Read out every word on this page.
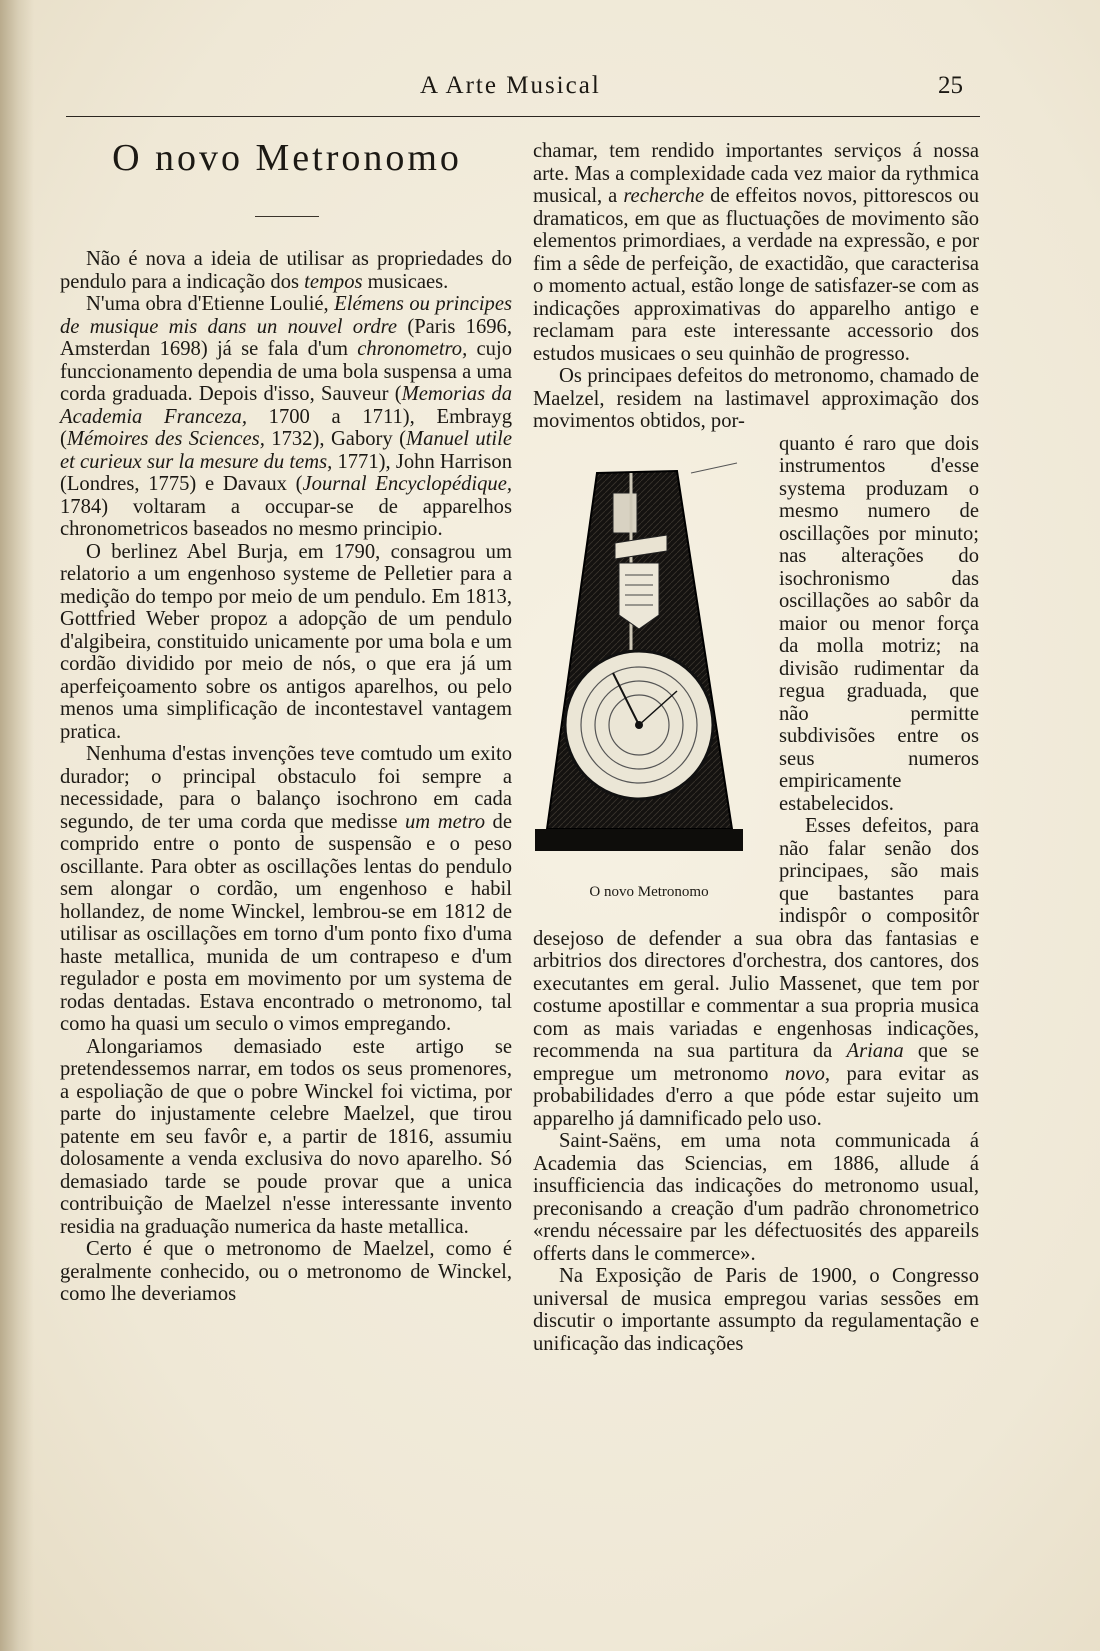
A Arte Musical	25
O novo Metronomo

Não é nova a ideia de utilisar as propriedades do pendulo para a indicação dos tempos musicaes.

N'uma obra d'Etienne Loulié, Elémens ou principes de musique mis dans un nouvel ordre (Paris 1696, Amsterdan 1698) já se fala d'um chronometro, cujo funccionamento dependia de uma bola suspensa a uma corda graduada. Depois d'isso, Sauveur (Memorias da Academia Franceza, 1700 a 1711), Embrayg (Mémoires des Sciences, 1732), Gabory (Manuel utile et curieux sur la mesure du tems, 1771), John Harrison (Londres, 1775) e Davaux (Journal Encyclopédique, 1784) voltaram a occupar-se de apparelhos chronometricos baseados no mesmo principio.

O berlinez Abel Burja, em 1790, consagrou um relatorio a um engenhoso systeme de Pelletier para a medição do tempo por meio de um pendulo. Em 1813, Gottfried Weber propoz a adopção de um pendulo d'algibeira, constituido unicamente por uma bola e um cordão dividido por meio de nós, o que era já um aperfeiçoamento sobre os antigos aparelhos, ou pelo menos uma simplificação de incontestavel vantagem pratica.

Nenhuma d'estas invenções teve comtudo um exito durador; o principal obstaculo foi sempre a necessidade, para o balanço isochrono em cada segundo, de ter uma corda que medisse um metro de comprido entre o ponto de suspensão e o peso oscillante. Para obter as oscillações lentas do pendulo sem alongar o cordão, um engenhoso e habil hollandez, de nome Winckel, lembrou-se em 1812 de utilisar as oscillações em torno d'um ponto fixo d'uma haste metallica, munida de um contrapeso e d'um regulador e posta em movimento por um systema de rodas dentadas. Estava encontrado o metronomo, tal como ha quasi um seculo o vimos empregando.

Alongariamos demasiado este artigo se pretendessemos narrar, em todos os seus promenores, a espoliação de que o pobre Winckel foi victima, por parte do injustamente celebre Maelzel, que tirou patente em seu favôr e, a partir de 1816, assumiu dolosamente a venda exclusiva do novo aparelho. Só demasiado tarde se poude provar que a unica contribuição de Maelzel n'esse interessante invento residia na graduação numerica da haste metallica.

Certo é que o metronomo de Maelzel, como é geralmente conhecido, ou o metronomo de Winckel, como lhe deveriamos

chamar, tem rendido importantes serviços á nossa arte. Mas a complexidade cada vez maior da rythmica musical, a recherche de effeitos novos, pittorescos ou dramaticos, em que as fluctuações de movimento são elementos primordiaes, a verdade na expressão, e por fim a sêde de perfeição, de exactidão, que caracterisa o momento actual, estão longe de satisfazer-se com as indicações approximativas do apparelho antigo e reclamam para este interessante accessorio dos estudos musicaes o seu quinhão de progresso.

Os principaes defeitos do metronomo, chamado de Maelzel, residem na lastimavel approximação dos movimentos obtidos, por-

O novo Metronomo

quanto é raro que dois instrumentos d'esse systema produzam o mesmo numero de oscillações por minuto; nas alterações do isochronismo das oscillações ao sabôr da maior ou menor força da molla motriz; na divisão rudimentar da regua graduada, que não permitte subdivisões entre os seus numeros empiricamente estabelecidos.

Esses defeitos, para não falar senão dos principaes, são mais que bastantes para indispôr o compositôr desejoso de defender a sua obra das fantasias e arbitrios dos directores d'orchestra, dos cantores, dos executantes em geral. Julio Massenet, que tem por costume apostillar e commentar a sua propria musica com as mais variadas e engenhosas indicações, recommenda na sua partitura da Ariana que se empregue um metronomo novo, para evitar as probabilidades d'erro a que póde estar sujeito um apparelho já damnificado pelo uso.

Saint-Saëns, em uma nota communicada á Academia das Sciencias, em 1886, allude á insufficiencia das indicações do metronomo usual, preconisando a creação d'um padrão chronometrico «rendu nécessaire par les défectuosités des appareils offerts dans le commerce».

Na Exposição de Paris de 1900, o Congresso universal de musica empregou varias sessões em discutir o importante assumpto da regulamentação e unificação das indicações
